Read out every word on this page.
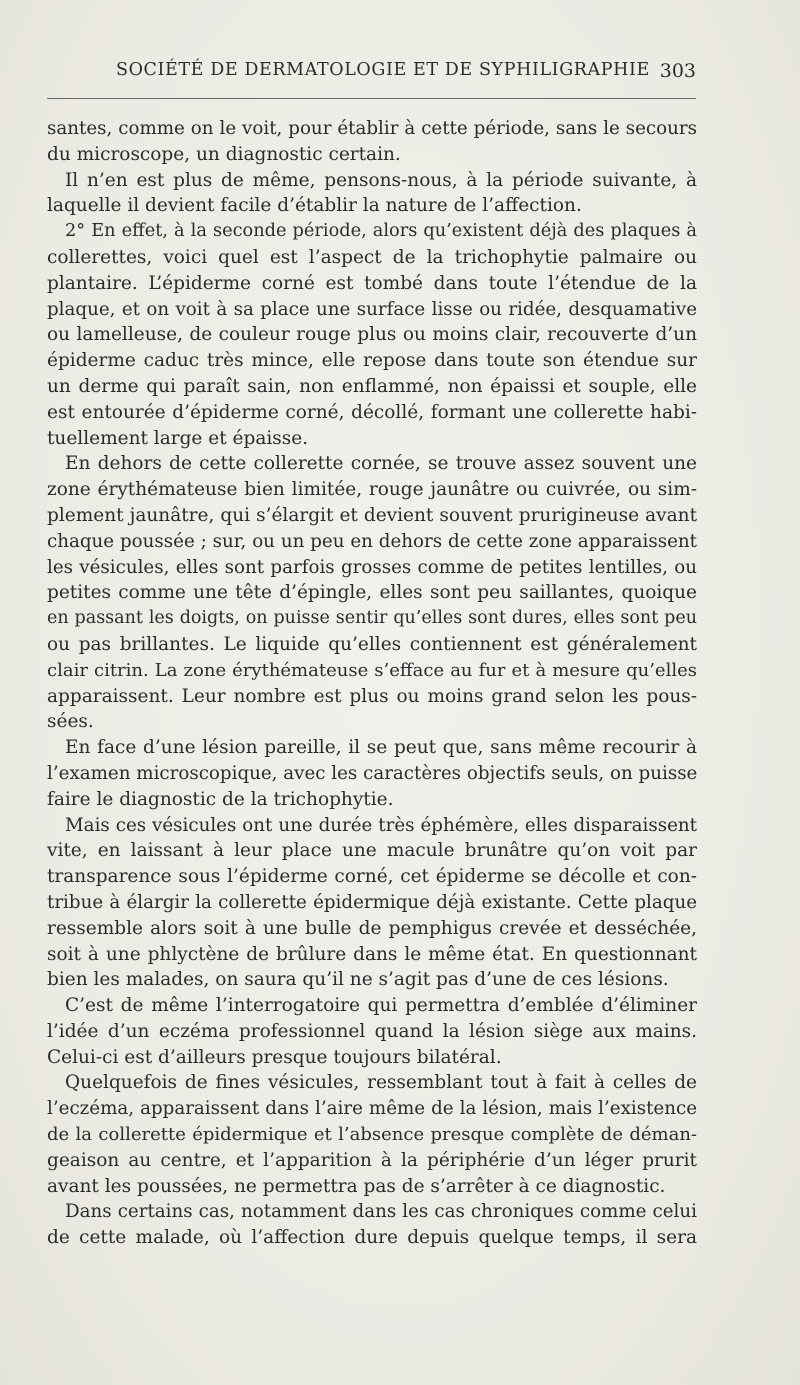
SOCIÉTÉ DE DERMATOLOGIE ET DE SYPHILIGRAPHIE 303
santes, comme on le voit, pour établir à cette période, sans le secours
du microscope, un diagnostic certain.
Il n’en est plus de même, pensons-nous, à la période suivante, à
laquelle il devient facile d’établir la nature de l’affection.
2° En effet, à la seconde période, alors qu’existent déjà des plaques à
collerettes, voici quel est l’aspect de la trichophytie palmaire ou
plantaire. L’épiderme corné est tombé dans toute l’étendue de la
plaque, et on voit à sa place une surface lisse ou ridée, desquamative
ou lamelleuse, de couleur rouge plus ou moins clair, recouverte d’un
épiderme caduc très mince, elle repose dans toute son étendue sur
un derme qui paraît sain, non enflammé, non épaissi et souple, elle
est entourée d’épiderme corné, décollé, formant une collerette habi-
tuellement large et épaisse.
En dehors de cette collerette cornée, se trouve assez souvent une
zone érythémateuse bien limitée, rouge jaunâtre ou cuivrée, ou sim-
plement jaunâtre, qui s’élargit et devient souvent prurigineuse avant
chaque poussée ; sur, ou un peu en dehors de cette zone apparaissent
les vésicules, elles sont parfois grosses comme de petites lentilles, ou
petites comme une tête d’épingle, elles sont peu saillantes, quoique
en passant les doigts, on puisse sentir qu’elles sont dures, elles sont peu
ou pas brillantes. Le liquide qu’elles contiennent est généralement
clair citrin. La zone érythémateuse s’efface au fur et à mesure qu’elles
apparaissent. Leur nombre est plus ou moins grand selon les pous-
sées.
En face d’une lésion pareille, il se peut que, sans même recourir à
l’examen microscopique, avec les caractères objectifs seuls, on puisse
faire le diagnostic de la trichophytie.
Mais ces vésicules ont une durée très éphémère, elles disparaissent
vite, en laissant à leur place une macule brunâtre qu’on voit par
transparence sous l’épiderme corné, cet épiderme se décolle et con-
tribue à élargir la collerette épidermique déjà existante. Cette plaque
ressemble alors soit à une bulle de pemphigus crevée et desséchée,
soit à une phlyctène de brûlure dans le même état. En questionnant
bien les malades, on saura qu’il ne s’agit pas d’une de ces lésions.
C’est de même l’interrogatoire qui permettra d’emblée d’éliminer
l’idée d’un eczéma professionnel quand la lésion siège aux mains.
Celui-ci est d’ailleurs presque toujours bilatéral.
Quelquefois de fines vésicules, ressemblant tout à fait à celles de
l’eczéma, apparaissent dans l’aire même de la lésion, mais l’existence
de la collerette épidermique et l’absence presque complète de déman-
geaison au centre, et l’apparition à la périphérie d’un léger prurit
avant les poussées, ne permettra pas de s’arrêter à ce diagnostic.
Dans certains cas, notamment dans les cas chroniques comme celui
de cette malade, où l’affection dure depuis quelque temps, il sera
